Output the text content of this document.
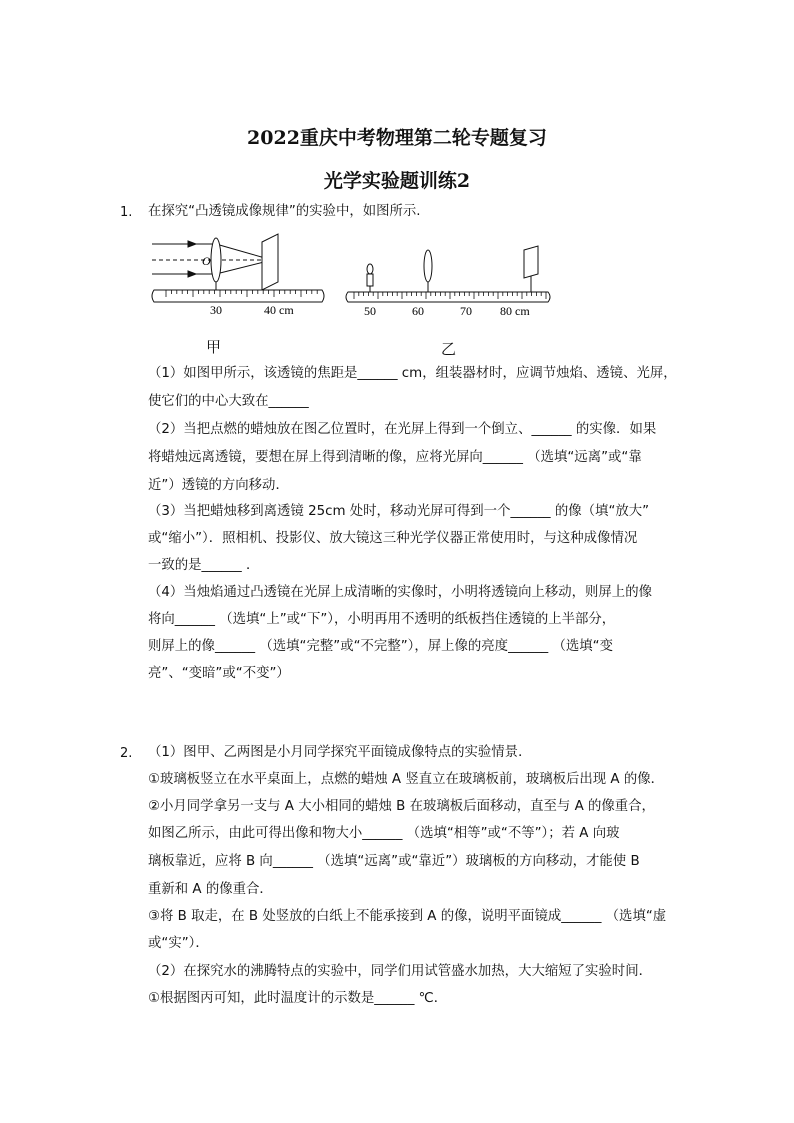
2022重庆中考物理第二轮专题复习
光学实验题训练2
1. 在探究“凸透镜成像规律”的实验中，如图所示.
O
30	40 cm
甲
50	60	70 80 cm
乙
（1）如图甲所示，该透镜的焦距是______ cm，组装器材时，应调节烛焰、透镜、光屏，
使它们的中心大致在______
（2）当把点燃的蜡烛放在图乙位置时，在光屏上得到一个倒立、______ 的实像．如果
将蜡烛远离透镜，要想在屏上得到清晰的像，应将光屏向______ （选填“远离”或“靠
近”）透镜的方向移动．
（3）当把蜡烛移到离透镜 25cm 处时，移动光屏可得到一个______ 的像（填“放大”
或“缩小”）．照相机、投影仪、放大镜这三种光学仪器正常使用时，与这种成像情况
一致的是______ ．
（4）当烛焰通过凸透镜在光屏上成清晰的实像时，小明将透镜向上移动，则屏上的像
将向______ （选填“上”或“下”），小明再用不透明的纸板挡住透镜的上半部分，
则屏上的像______ （选填“完整”或“不完整”），屏上像的亮度______ （选填“变
亮”、“变暗”或“不变”）
2. （1）图甲、乙两图是小月同学探究平面镜成像特点的实验情景．
①玻璃板竖立在水平桌面上，点燃的蜡烛 A 竖直立在玻璃板前，玻璃板后出现 A 的像．
②小月同学拿另一支与 A 大小相同的蜡烛 B 在玻璃板后面移动，直至与 A 的像重合，
如图乙所示，由此可得出像和物大小______ （选填“相等”或“不等”）；若 A 向玻
璃板靠近，应将 B 向______ （选填“远离”或“靠近”）玻璃板的方向移动，才能使 B
重新和 A 的像重合．
③将 B 取走，在 B 处竖放的白纸上不能承接到 A 的像，说明平面镜成______ （选填“虚
或“实”）．
（2）在探究水的沸腾特点的实验中，同学们用试管盛水加热，大大缩短了实验时间．
①根据图丙可知，此时温度计的示数是______ ℃．
